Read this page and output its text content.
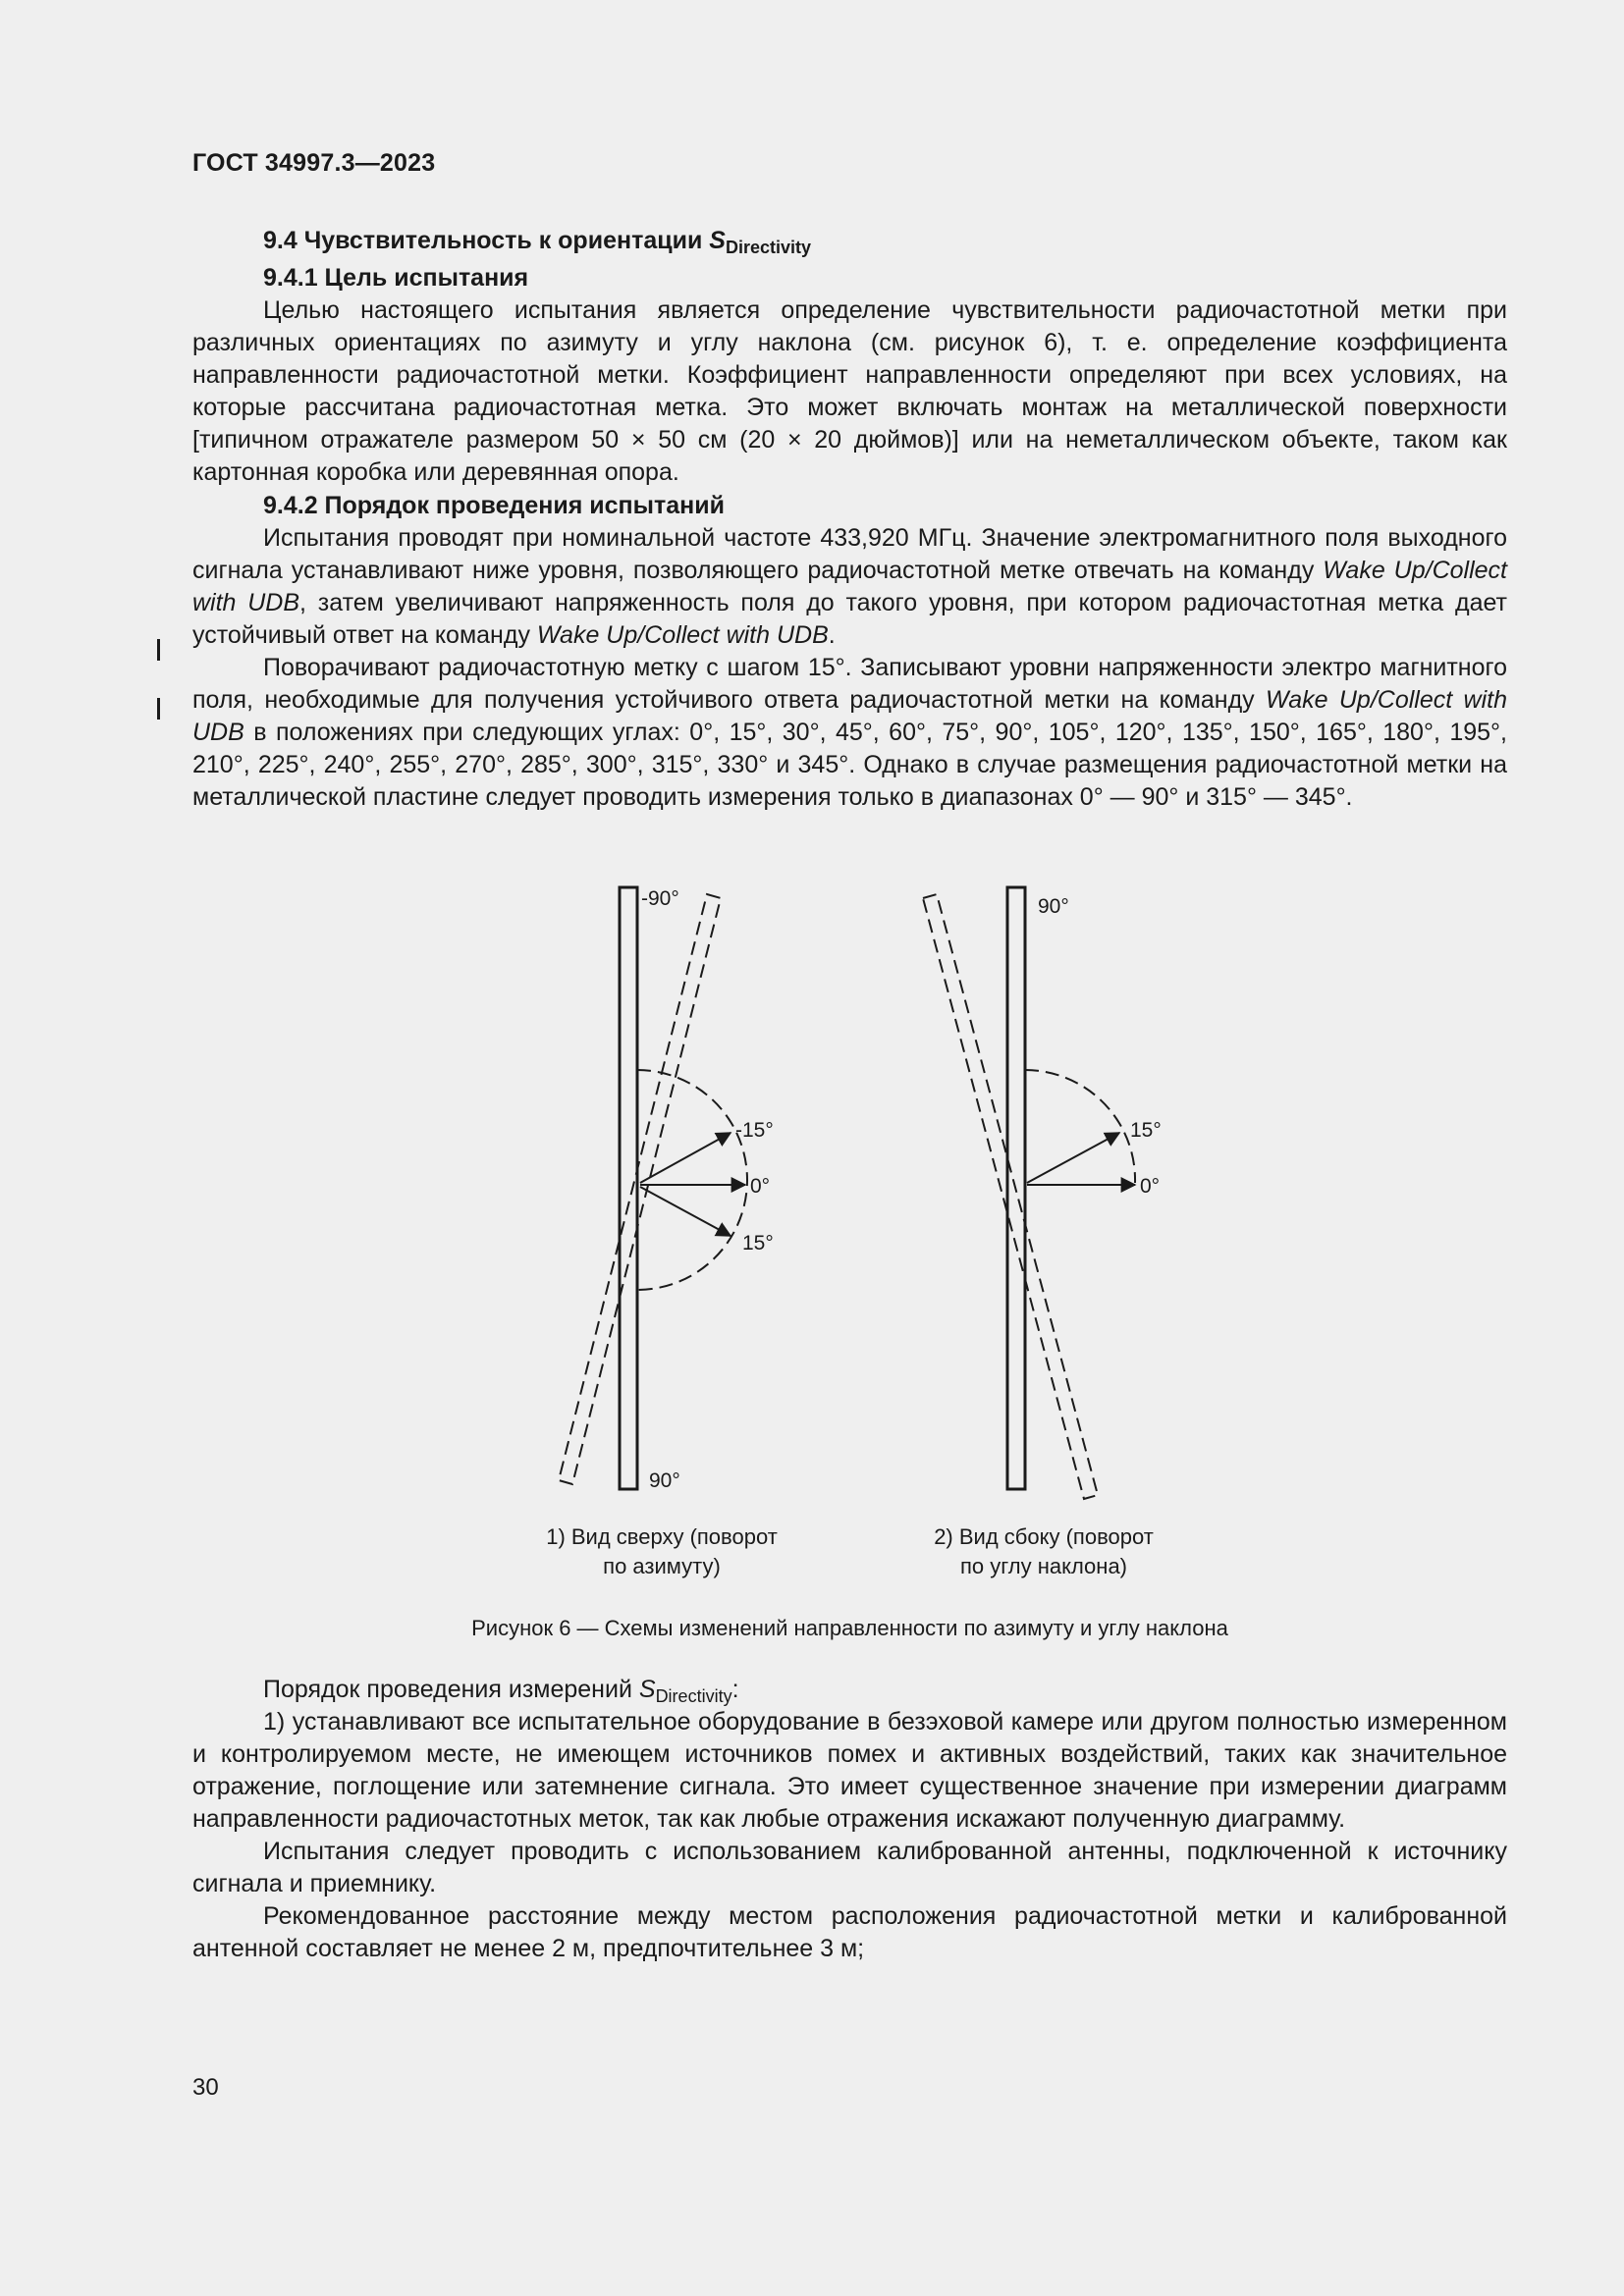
ГОСТ 34997.3—2023
9.4 Чувствительность к ориентации $S_{Directivity}$
9.4.1 Цель испытания

Целью настоящего испытания является определение чувствительности радиочастотной метки при различных ориентациях по азимуту и углу наклона (см. рисунок 6), т. е. определение коэффициента направленности радиочастотной метки. Коэффициент направленности определяют при всех условиях, на которые рассчитана радиочастотная метка. Это может включать монтаж на металлической поверхности [типичном отражателе размером 50 × 50 см (20 × 20 дюймов)] или на неметаллическом объекте, таком как картонная коробка или деревянная опора.

9.4.2 Порядок проведения испытаний

Испытания проводят при номинальной частоте 433,920 МГц. Значение электромагнитного поля выходного сигнала устанавливают ниже уровня, позволяющего радиочастотной метке отвечать на команду Wake Up/Collect with UDB, затем увеличивают напряженность поля до такого уровня, при котором радиочастотная метка дает устойчивый ответ на команду Wake Up/Collect with UDB.

Поворачивают радиочастотную метку с шагом 15°. Записывают уровни напряженности электро магнитного поля, необходимые для получения устойчивого ответа радиочастотной метки на команду Wake Up/Collect with UDB в положениях при следующих углах: 0°, 15°, 30°, 45°, 60°, 75°, 90°, 105°, 120°, 135°, 150°, 165°, 180°, 195°, 210°, 225°, 240°, 255°, 270°, 285°, 300°, 315°, 330° и 345°. Однако в случае размещения радиочастотной метки на металлической пластине следует проводить измерения только в диапазонах 0° — 90° и 315° — 345°.

-90°
-15°
0°
15°
90°
90°
15°
0°
1) Вид сверху (поворот
по азимуту)
2) Вид сбоку (поворот
по углу наклона)
Рисунок 6 — Схемы изменений направленности по азимуту и углу наклона

Порядок проведения измерений $S_{Directivity}$:

1) устанавливают все испытательное оборудование в безэховой камере или другом полностью измеренном и контролируемом месте, не имеющем источников помех и активных воздействий, таких как значительное отражение, поглощение или затемнение сигнала. Это имеет существенное значение при измерении диаграмм направленности радиочастотных меток, так как любые отражения искажают полученную диаграмму.

Испытания следует проводить с использованием калиброванной антенны, подключенной к источнику сигнала и приемнику.

Рекомендованное расстояние между местом расположения радиочастотной метки и калиброванной антенной составляет не менее 2 м, предпочтительнее 3 м;

30
